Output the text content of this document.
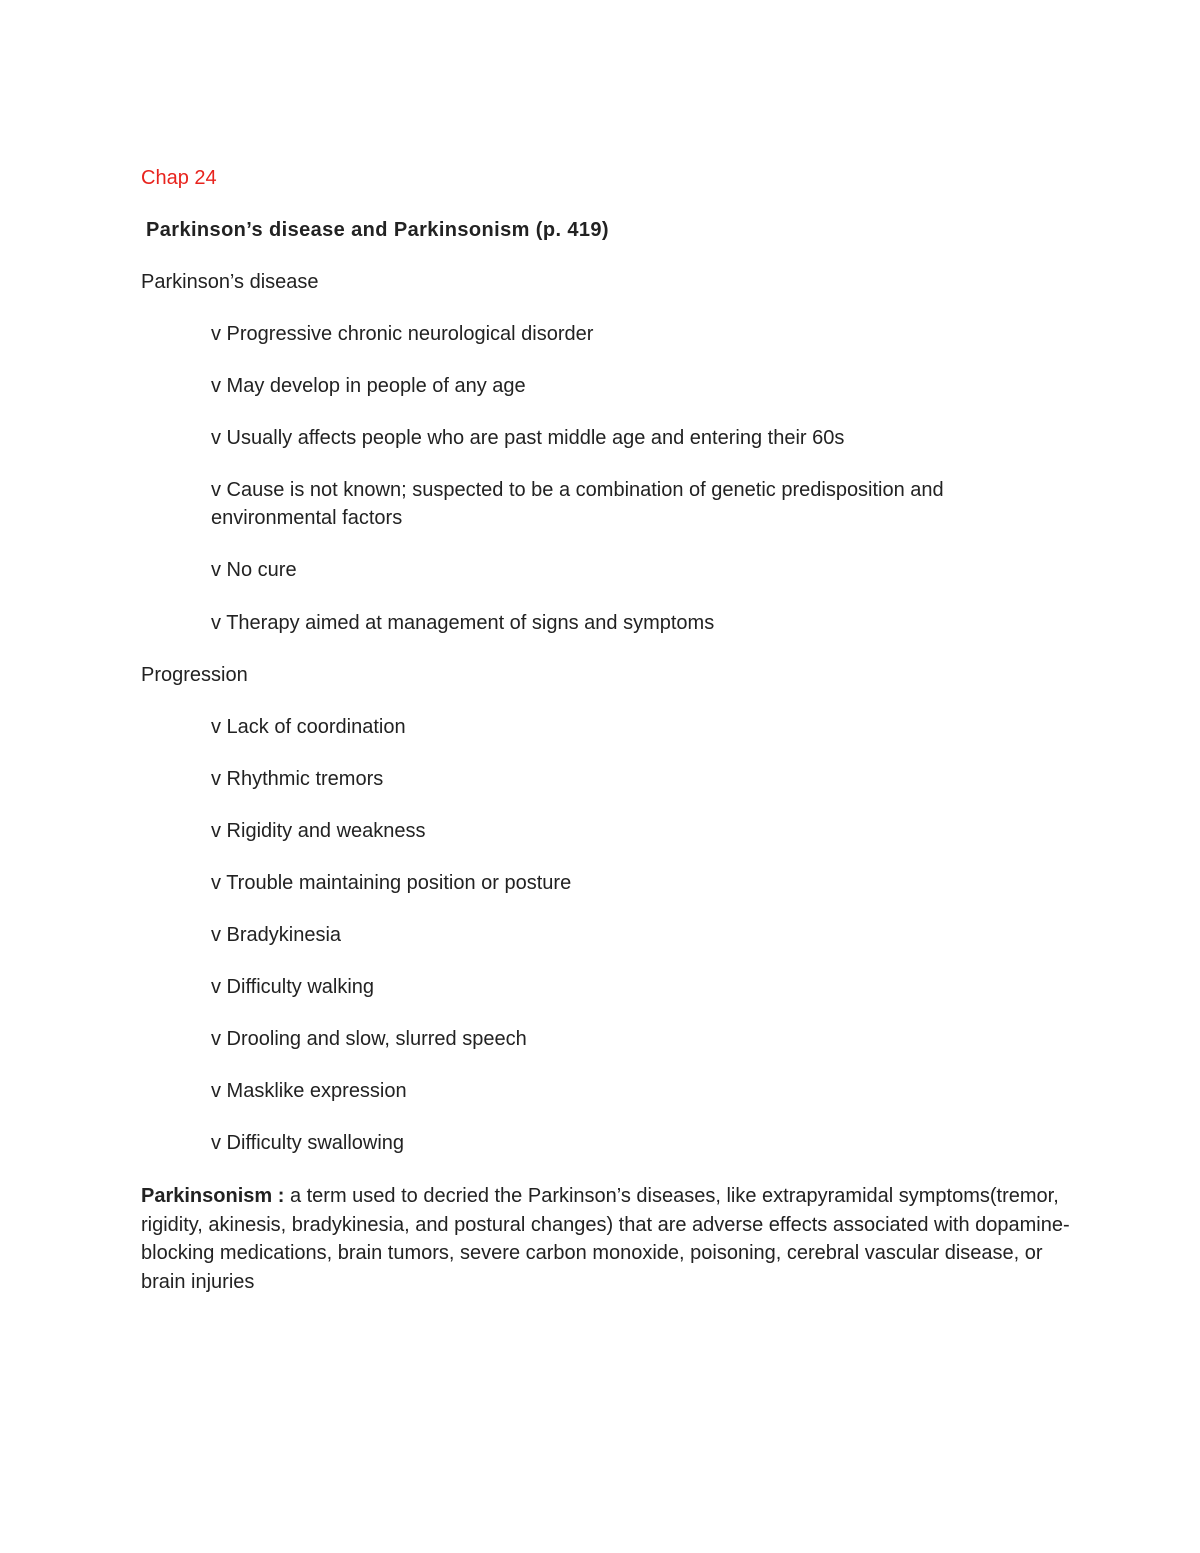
Chap 24
Parkinson’s disease and Parkinsonism (p. 419)
Parkinson’s disease
v Progressive chronic neurological disorder
v May develop in people of any age
v Usually affects people who are past middle age and entering their 60s
v Cause is not known; suspected to be a combination of genetic predisposition and environmental factors
v No cure
v Therapy aimed at management of signs and symptoms
Progression
v Lack of coordination
v Rhythmic tremors
v Rigidity and weakness
v Trouble maintaining position or posture
v Bradykinesia
v Difficulty walking
v Drooling and slow, slurred speech
v Masklike expression
v Difficulty swallowing
Parkinsonism : a term used to decried the Parkinson’s diseases, like extrapyramidal symptoms(tremor, rigidity, akinesis, bradykinesia, and postural changes) that are adverse effects associated with dopamine- blocking medications, brain tumors, severe carbon monoxide, poisoning, cerebral vascular disease, or brain injuries
